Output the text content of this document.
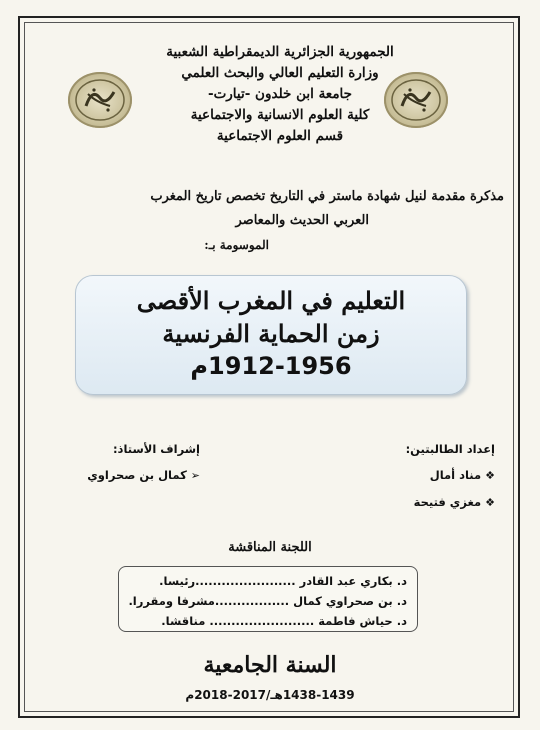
الجمهورية الجزائرية الديمقراطية الشعبية
وزارة التعليم العالي والبحث العلمي
جامعة ابن خلدون -تيارت-
كلية العلوم الانسانية والاجتماعية
قسم العلوم الاجتماعية
مذكرة مقدمة لنيل شهادة ماستر في التاريخ تخصص تاريخ المغرب
العربي الحديث والمعاصر
الموسومة بـ:
التعليم في المغرب الأقصى
زمن الحماية الفرنسية
1912-1956م
إعداد الطالبتين:
❖مناد أمال
❖مغزي فتيحة
إشراف الأستاذ:
➢كمال بن صحراوي
اللجنة المناقشة
د. بكاري عبد القادر .......................رئيسا.
د. بن صحراوي كمال .................مشرفا ومقررا.
د. حياش فاطمة ........................ مناقشا.
السنة الجامعية
1438-1439هـ/2017-2018م
